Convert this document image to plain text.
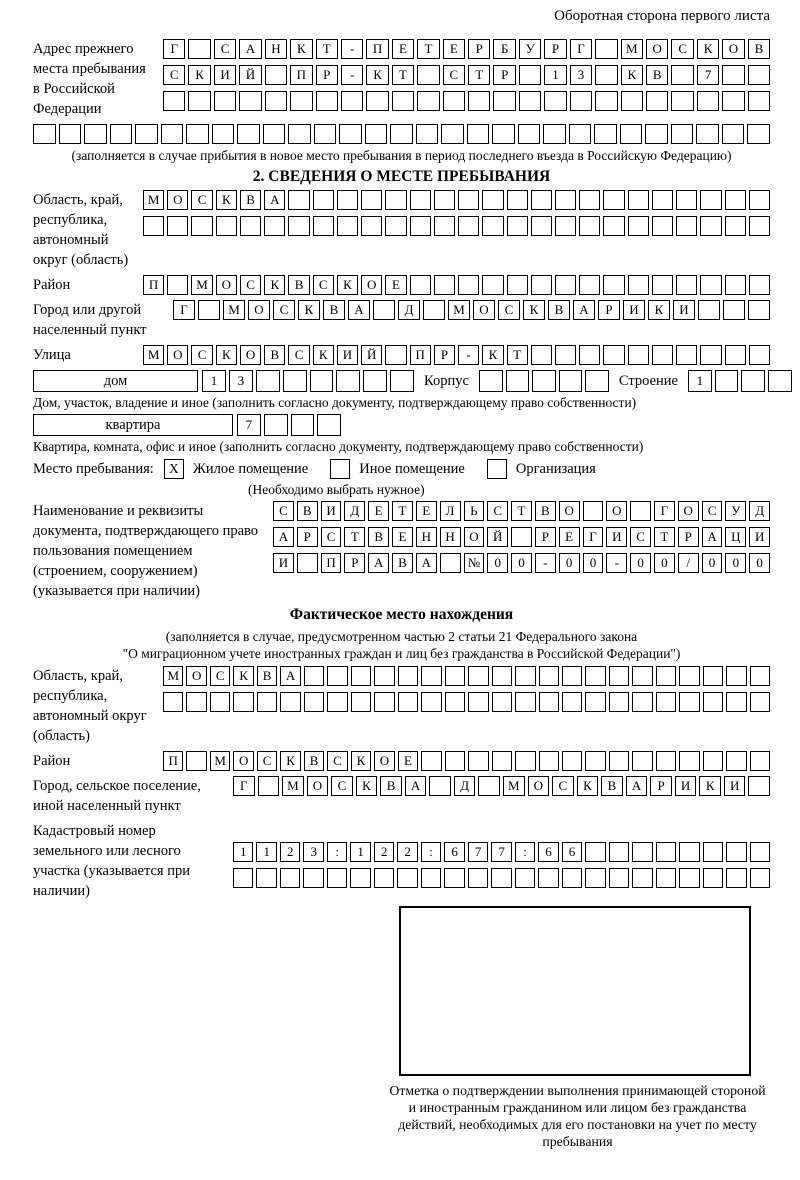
Оборотная сторона первого листа
Адрес прежнего места пребывания в Российской Федерации
Г	С	А	Н	К	Т	-	П	Е	Т	Е	Р	Б	У	Р	Г	М	О	С	К	О	В
С	К	И	Й	П	Р	-	К	Т	С	Т	Р	1	3	К	В	7
(заполняется в случае прибытия в новое место пребывания в период последнего въезда в Российскую Федерацию)
2. СВЕДЕНИЯ О МЕСТЕ ПРЕБЫВАНИЯ
Область, край, республика, автономный округ (область)
М	О	С	К	В	А
Район	П	М	О	С	К	В	С	К	О	Е
Город или другой населенный пункт
Г	М	О	С	К	В	А	Д	М	О	С	К	В	А	Р	И	К	И
Улица	М	О	С	К	О	В	С	К	И	Й	П	Р	-	К	Т
дом	1	3	Корпус	Строение	1
Дом, участок, владение и иное (заполнить согласно документу, подтверждающему право собственности)
квартира	7
Квартира, комната, офис и иное (заполнить согласно документу, подтверждающему право собственности)
Место пребывания:	X Жилое помещение	Иное помещение	Организация
(Необходимо выбрать нужное)
Наименование и реквизиты документа, подтверждающего право пользования помещением (строением, сооружением) (указывается при наличии)
С	В	И	Д	Е	Т	Е	Л	Ь	С	Т	В	О	О	Г	О	С	У	Д
А	Р	С	Т	В	Е	Н	Н	О	Й	Р	Е	Г	И	С	Т	Р	А	Ц	И
И	П	Р	А	В	А	№	0	0	-	0	0	-	0	0	/	0	0	0
Фактическое место нахождения
(заполняется в случае, предусмотренном частью 2 статьи 21 Федерального закона
"О миграционном учете иностранных граждан и лиц без гражданства в Российской Федерации")
Область, край, республика, автономный округ (область)
М О	С	К	В	А
Район	П	М О	С	К	В	С	К	О	Е
Город, сельское поселение, иной населенный пункт
Г	М	О	С	К	В	А	Д	М	О	С	К	В	А	Р	И	К	И
Кадастровый номер земельного или лесного участка (указывается при наличии)
1	1	2	3	:	1	2	2	:	6	7	7	:	6	6
Отметка о подтверждении выполнения принимающей стороной и иностранным гражданином или лицом без гражданства действий, необходимых для его постановки на учет по месту пребывания
